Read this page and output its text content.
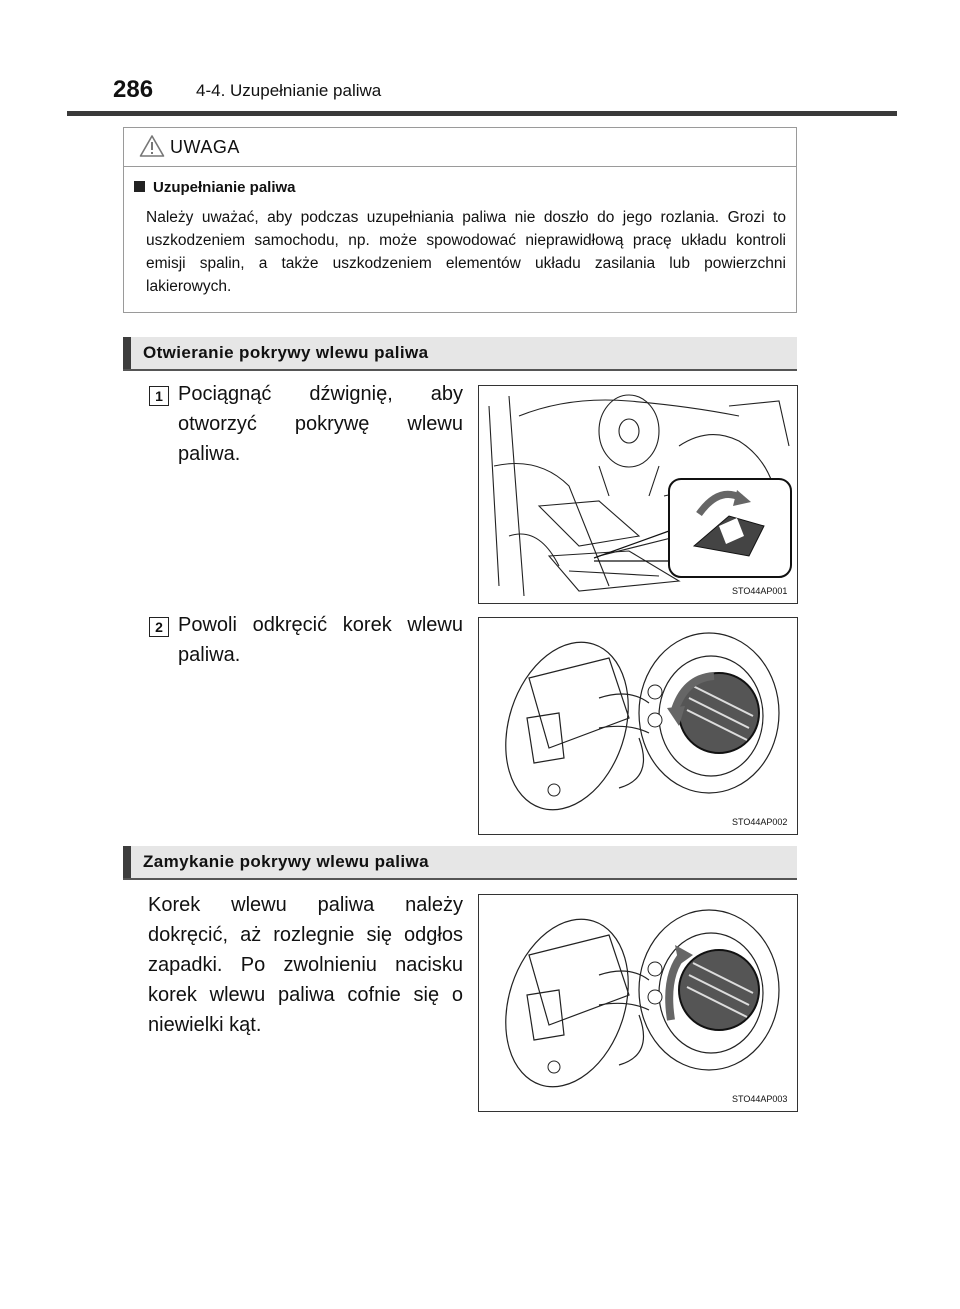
286	4-4. Uzupełnianie paliwa
UWAGA
Uzupełnianie paliwa
Należy uważać, aby podczas uzupełniania paliwa nie doszło do jego rozlania. Grozi to uszkodzeniem samochodu, np. może spowodować nieprawidłową pracę układu kontroli emisji spalin, a także uszkodzeniem elementów układu zasilania lub powierzchni lakierowych.
Otwieranie pokrywy wlewu paliwa
1 Pociągnąć dźwignię, aby otworzyć pokrywę wlewu paliwa.
STO44AP001
2 Powoli odkręcić korek wlewu paliwa.
STO44AP002
Zamykanie pokrywy wlewu paliwa
Korek wlewu paliwa należy dokręcić, aż rozlegnie się odgłos zapadki. Po zwolnieniu nacisku korek wlewu paliwa cofnie się o niewielki kąt.
STO44AP003
